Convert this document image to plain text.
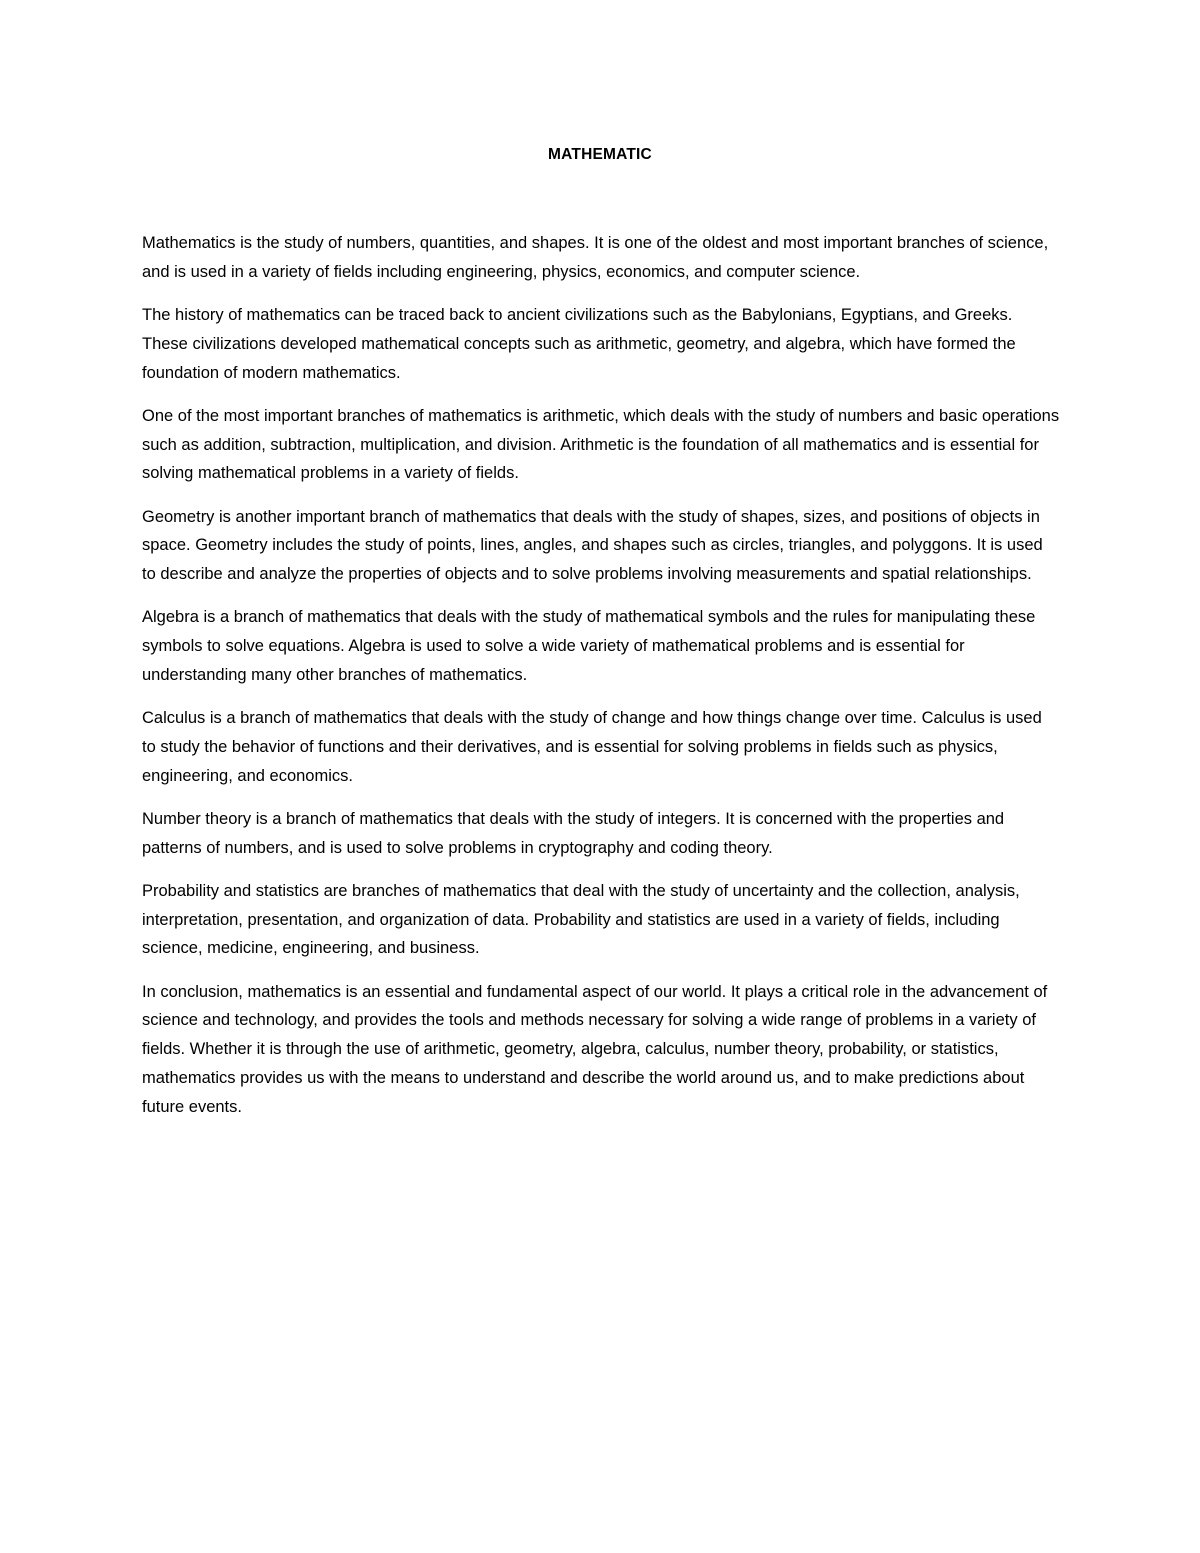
MATHEMATIC

Mathematics is the study of numbers, quantities, and shapes. It is one of the oldest and most important branches of science, and is used in a variety of fields including engineering, physics, economics, and computer science.

The history of mathematics can be traced back to ancient civilizations such as the Babylonians, Egyptians, and Greeks. These civilizations developed mathematical concepts such as arithmetic, geometry, and algebra, which have formed the foundation of modern mathematics.

One of the most important branches of mathematics is arithmetic, which deals with the study of numbers and basic operations such as addition, subtraction, multiplication, and division. Arithmetic is the foundation of all mathematics and is essential for solving mathematical problems in a variety of fields.

Geometry is another important branch of mathematics that deals with the study of shapes, sizes, and positions of objects in space. Geometry includes the study of points, lines, angles, and shapes such as circles, triangles, and polyggons. It is used to describe and analyze the properties of objects and to solve problems involving measurements and spatial relationships.

Algebra is a branch of mathematics that deals with the study of mathematical symbols and the rules for manipulating these symbols to solve equations. Algebra is used to solve a wide variety of mathematical problems and is essential for understanding many other branches of mathematics.

Calculus is a branch of mathematics that deals with the study of change and how things change over time. Calculus is used to study the behavior of functions and their derivatives, and is essential for solving problems in fields such as physics, engineering, and economics.

Number theory is a branch of mathematics that deals with the study of integers. It is concerned with the properties and patterns of numbers, and is used to solve problems in cryptography and coding theory.

Probability and statistics are branches of mathematics that deal with the study of uncertainty and the collection, analysis, interpretation, presentation, and organization of data. Probability and statistics are used in a variety of fields, including science, medicine, engineering, and business.

In conclusion, mathematics is an essential and fundamental aspect of our world. It plays a critical role in the advancement of science and technology, and provides the tools and methods necessary for solving a wide range of problems in a variety of fields. Whether it is through the use of arithmetic, geometry, algebra, calculus, number theory, probability, or statistics, mathematics provides us with the means to understand and describe the world around us, and to make predictions about future events.
